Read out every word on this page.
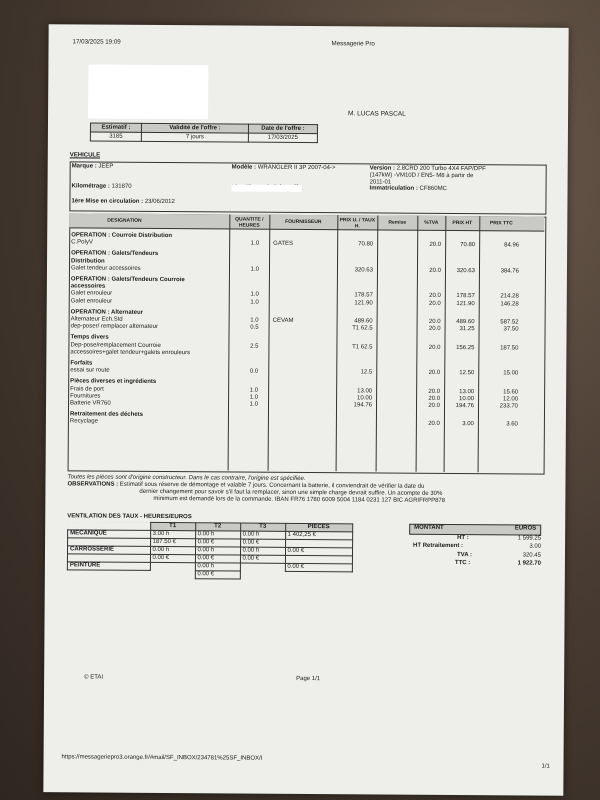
17/03/2025 19:09	Messagerie Pro
M. LUCAS PASCAL
Estimatif :	Validité de l'offre :	Date de l'offre :
3185	7 jours	17/03/2025
VEHICULE
Marque : JEEP	Modèle : WRANGLER II 3P 2007-04->	Version : 2.8CRD 200 Turbo 4X4 FAP/DPF
(147kW) -VM10D / EN5- M8 à partir de
2011-01
Kilométrage : 131870	Immatriculation : CF860MC
1ère Mise en circulation : 23/06/2012
DESIGNATION	QUANTITE / HEURES
FOURNISSEUR	PRIX U. / TAUX H.
Remise	%TVA	PRIX HT	PRIX TTC
OPERATION : Courroie Distribution
C.PolyV	1.0 GATES	70.80	20.0	70.80	84.96
OPERATION : Galets/Tendeurs
Distribution
Galet tendeur accessoires	1.0	320.63	20.0	320.63	384.76
OPERATION : Galets/Tendeurs Courroie
accessoires
Galet enrouleur	1.0	178.57	20.0	178.57	214.28
Galet enrouleur	1.0	121.90	20.0	121.90	146.28
OPERATION : Alternateur
Alternateur Ech.Std	1.0 CEVAM	489.60	20.0	489.60	587.52
dep-poser/ remplacer alternateur	0.5	T1 62.5	20.0	31.25	37.50
Temps divers
Dep-pose/remplacement Courroie	2.5	T1 62.5	20.0	156.25	187.50
accessoires+galet tendeur+galets enrouleurs
Forfaits
essai sur route	0.0	12.5	20.0	12.50	15.00
Pièces diverses et ingrédients
Frais de port	1.0	13.00	20.0	13.00	15.60
Fournitures	1.0	10.00	20.0	10.00	12.00
Batterie VR760	1.0	194.76	20.0	194.76	233.70
Retraitement des déchets
Recyclage	20.0	3.00	3.60
Toutes les pièces sont d'origine constructeur. Dans le cas contraire, l'origine est spécifiée.
OBSERVATIONS : Estimatif sous réserve de démontage et valable 7 jours. Concernant la batterie, il conviendrait de vérifier la date du
dernier changement pour savoir s'il faut la remplacer, sinon une simple charge devrait suffire. Un acompte de 30%
minimum est demandé lors de la commande. IBAN FR76 1780 6009 5004 1184 0231 127 BIC AGRIFRPP878
VENTILATION DES TAUX - HEURES/EUROS
	T1	T2	T3	PIECES
MECANIQUE	3.00 h	0.00 h	0.00 h	1 402,25 €
	187.50 €	0.00 €	0.00 €	
CARROSSERIE	0.00 h	0.00 h	0.00 h	0.00 €
	0.00 €	0.00 €	0.00 €	
PEINTURE		0.00 h		0.00 €
		0.00 €		
MONTANT	EUROS
HT :	1 599.25
HT Retraitement :	3.00
TVA :	320.45
TTC :	1 922.70
© ETAI	Page 1/1
https://messageriepro3.orange.fr/#mail/SF_INBOX/234781%25SF_INBOX/I
1/1
